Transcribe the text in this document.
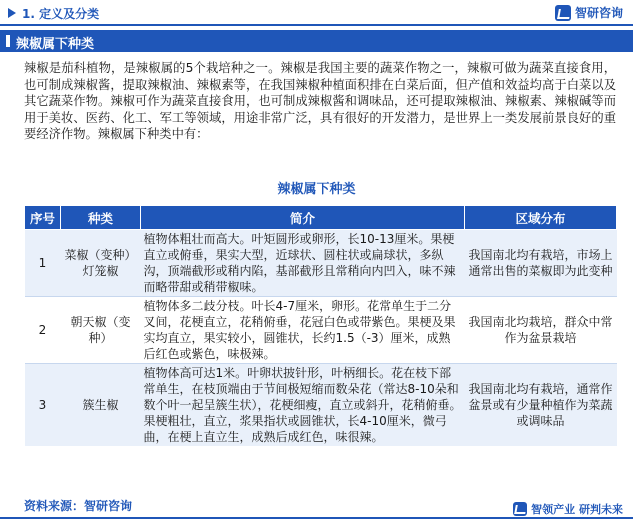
1. 定义及分类	智研咨询
辣椒属下种类

辣椒是茄科植物，是辣椒属的5个栽培种之一。辣椒是我国主要的蔬菜作物之一，辣椒可做为蔬菜直接食用，也可制成辣椒酱，提取辣椒油、辣椒素等，在我国辣椒种植面积排在白菜后面，但产值和效益均高于白菜以及其它蔬菜作物。辣椒可作为蔬菜直接食用，也可制成辣椒酱和调味品，还可提取辣椒油、辣椒素、辣椒碱等而用于美妆、医药、化工、军工等领域，用途非常广泛，具有很好的开发潜力，是世界上一类发展前景良好的重要经济作物。辣椒属下种类中有：

辣椒属下种类
序号	种类	简介	区域分布
1	菜椒（变种）灯笼椒	植物体粗壮而高大。叶矩圆形或卵形，长10-13厘米。果梗直立或俯垂，果实大型，近球状、圆柱状或扁球状，多纵沟，顶端截形或稍内陷，基部截形且常稍向内凹入，味不辣而略带甜或稍带椒味。	我国南北均有栽培，市场上通常出售的菜椒即为此变种
2	朝天椒（变种）	植物体多二歧分枝。叶长4-7厘米，卵形。花常单生于二分叉间，花梗直立，花稍俯垂，花冠白色或带紫色。果梗及果实均直立，果实较小，圆锥状，长约1.5（-3）厘米，成熟后红色或紫色，味极辣。	我国南北均栽培，群众中常作为盆景栽培
3	簇生椒	植物体高可达1米。叶卵状披针形，叶柄细长。花在枝下部常单生，在枝顶端由于节间极短缩而数朵花（常达8-10朵和数个叶一起呈簇生状），花梗细瘦，直立或斜升，花稍俯垂。果梗粗壮，直立，浆果指状或圆锥状，长4-10厘米，微弓曲，在梗上直立生，成熟后成红色，味很辣。	我国南北均有栽培，通常作盆景或有少量种植作为菜蔬或调味品
资料来源：智研咨询	智领产业 研判未来
